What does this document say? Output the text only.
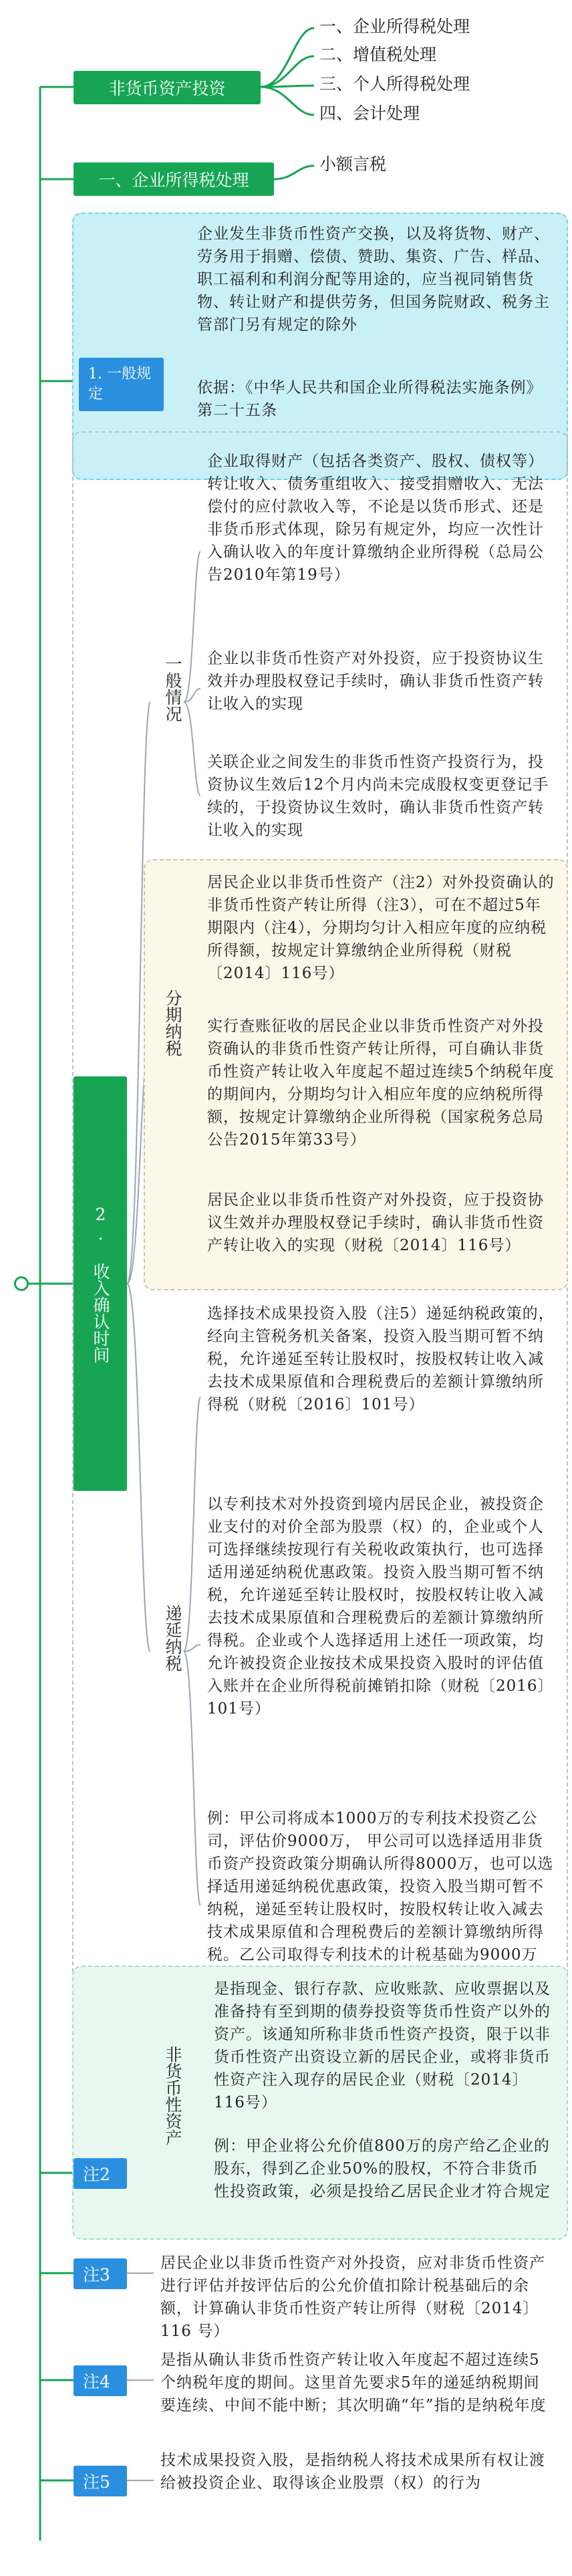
非货币资产投资
一、企业所得税处理
二、增值税处理
三、个人所得税处理
四、会计处理
一、企业所得税处理
小额言税
1. 一般规定
企业发生非货币性资产交换，以及将货物、财产、劳务用于捐赠、偿债、赞助、集资、广告、样品、职工福利和利润分配等用途的，应当视同销售货物、转让财产和提供劳务，但国务院财政、税务主管部门另有规定的除外
依据：《中华人民共和国企业所得税法实施条例》第二十五条
2. 收入确认时间
一般情况
企业取得财产（包括各类资产、股权、债权等）转让收入、债务重组收入、接受捐赠收入、无法偿付的应付款收入等，不论是以货币形式、还是非货币形式体现，除另有规定外，均应一次性计入确认收入的年度计算缴纳企业所得税（总局公告2010年第19号）
企业以非货币性资产对外投资，应于投资协议生效并办理股权登记手续时，确认非货币性资产转让收入的实现
关联企业之间发生的非货币性资产投资行为，投资协议生效后12个月内尚未完成股权变更登记手续的，于投资协议生效时，确认非货币性资产转让收入的实现
分期纳税
居民企业以非货币性资产（注2）对外投资确认的非货币性资产转让所得（注3），可在不超过5年期限内（注4），分期均匀计入相应年度的应纳税所得额，按规定计算缴纳企业所得税（财税〔2014〕116号）
实行查账征收的居民企业以非货币性资产对外投资确认的非货币性资产转让所得，可自确认非货币性资产转让收入年度起不超过连续5个纳税年度的期间内，分期均匀计入相应年度的应纳税所得额，按规定计算缴纳企业所得税（国家税务总局公告2015年第33号）
居民企业以非货币性资产对外投资，应于投资协议生效并办理股权登记手续时，确认非货币性资产转让收入的实现（财税〔2014〕116号）
递延纳税
选择技术成果投资入股（注5）递延纳税政策的，经向主管税务机关备案，投资入股当期可暂不纳税，允许递延至转让股权时，按股权转让收入减去技术成果原值和合理税费后的差额计算缴纳所得税（财税〔2016〕101号）
以专利技术对外投资到境内居民企业，被投资企业支付的对价全部为股票（权）的，企业或个人可选择继续按现行有关税收政策执行，也可选择适用递延纳税优惠政策。投资入股当期可暂不纳税，允许递延至转让股权时，按股权转让收入减去技术成果原值和合理税费后的差额计算缴纳所得税。企业或个人选择适用上述任一项政策，均允许被投资企业按技术成果投资入股时的评估值入账并在企业所得税前摊销扣除（财税〔2016〕101号）
例：甲公司将成本1000万的专利技术投资乙公司，评估价9000万， 甲公司可以选择适用非货币资产投资政策分期确认所得8000万，也可以选择适用递延纳税优惠政策，投资入股当期可暂不纳税，递延至转让股权时，按股权转让收入减去技术成果原值和合理税费后的差额计算缴纳所得税。乙公司取得专利技术的计税基础为9000万
注2
非货币性资产
是指现金、银行存款、应收账款、应收票据以及准备持有至到期的债券投资等货币性资产以外的资产。该通知所称非货币性资产投资，限于以非货币性资产出资设立新的居民企业，或将非货币性资产注入现存的居民企业（财税〔2014〕116号）
例：甲企业将公允价值800万的房产给乙企业的股东，得到乙企业50%的股权，不符合非货币性投资政策，必须是投给乙居民企业才符合规定
注3
居民企业以非货币性资产对外投资，应对非货币性资产进行评估并按评估后的公允价值扣除计税基础后的余额，计算确认非货币性资产转让所得（财税〔2014〕116 号）
注4
是指从确认非货币性资产转让收入年度起不超过连续5个纳税年度的期间。这里首先要求5年的递延纳税期间要连续、中间不能中断；其次明确“年”指的是纳税年度
注5
技术成果投资入股，是指纳税人将技术成果所有权让渡给被投资企业、取得该企业股票（权）的行为
